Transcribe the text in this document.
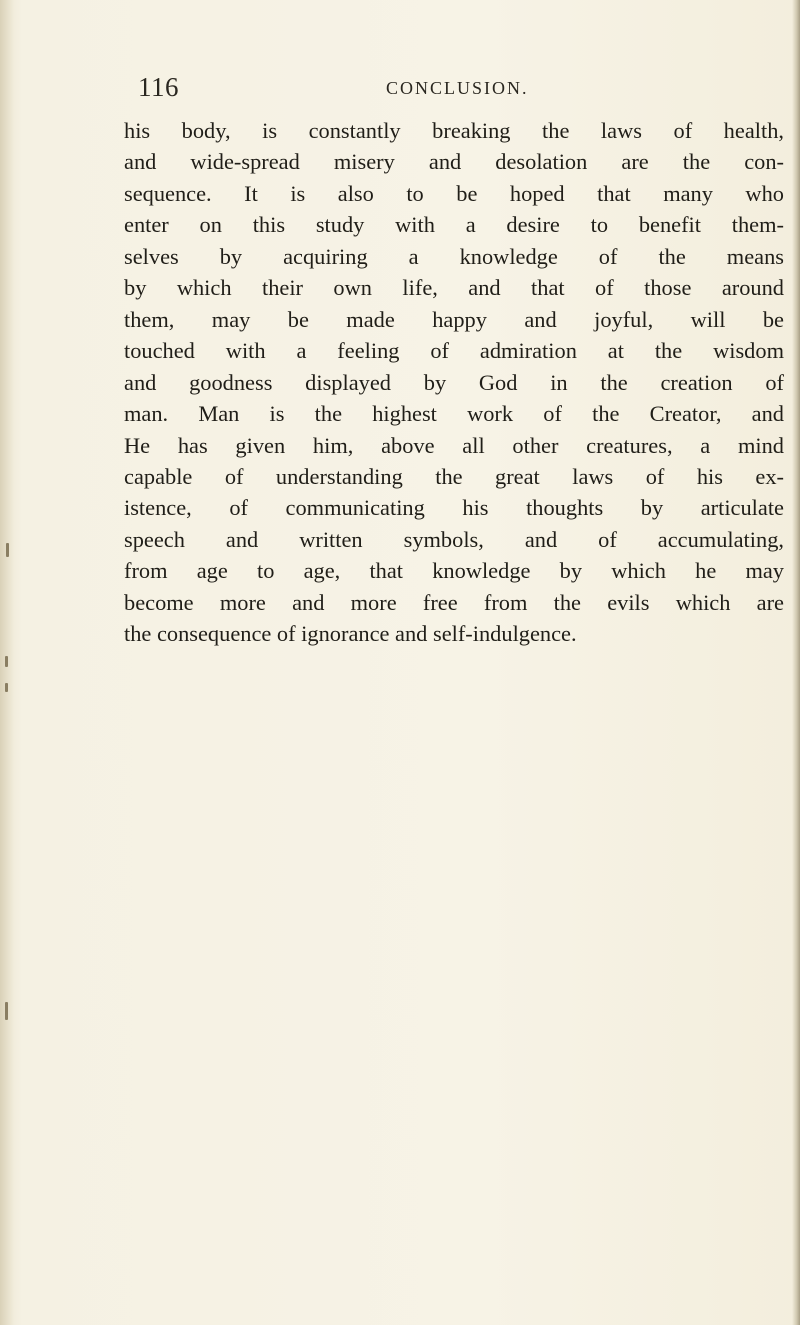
116	CONCLUSION.
his body, is constantly breaking the laws of health,
and wide-spread misery and desolation are the con-
sequence. It is also to be hoped that many who
enter on this study with a desire to benefit them-
selves by acquiring a knowledge of the means
by which their own life, and that of those around
them, may be made happy and joyful, will be
touched with a feeling of admiration at the wisdom
and goodness displayed by God in the creation of
man. Man is the highest work of the Creator, and
He has given him, above all other creatures, a mind
capable of understanding the great laws of his ex-
istence, of communicating his thoughts by articulate
speech and written symbols, and of accumulating,
from age to age, that knowledge by which he may
become more and more free from the evils which are
the consequence of ignorance and self-indulgence.
